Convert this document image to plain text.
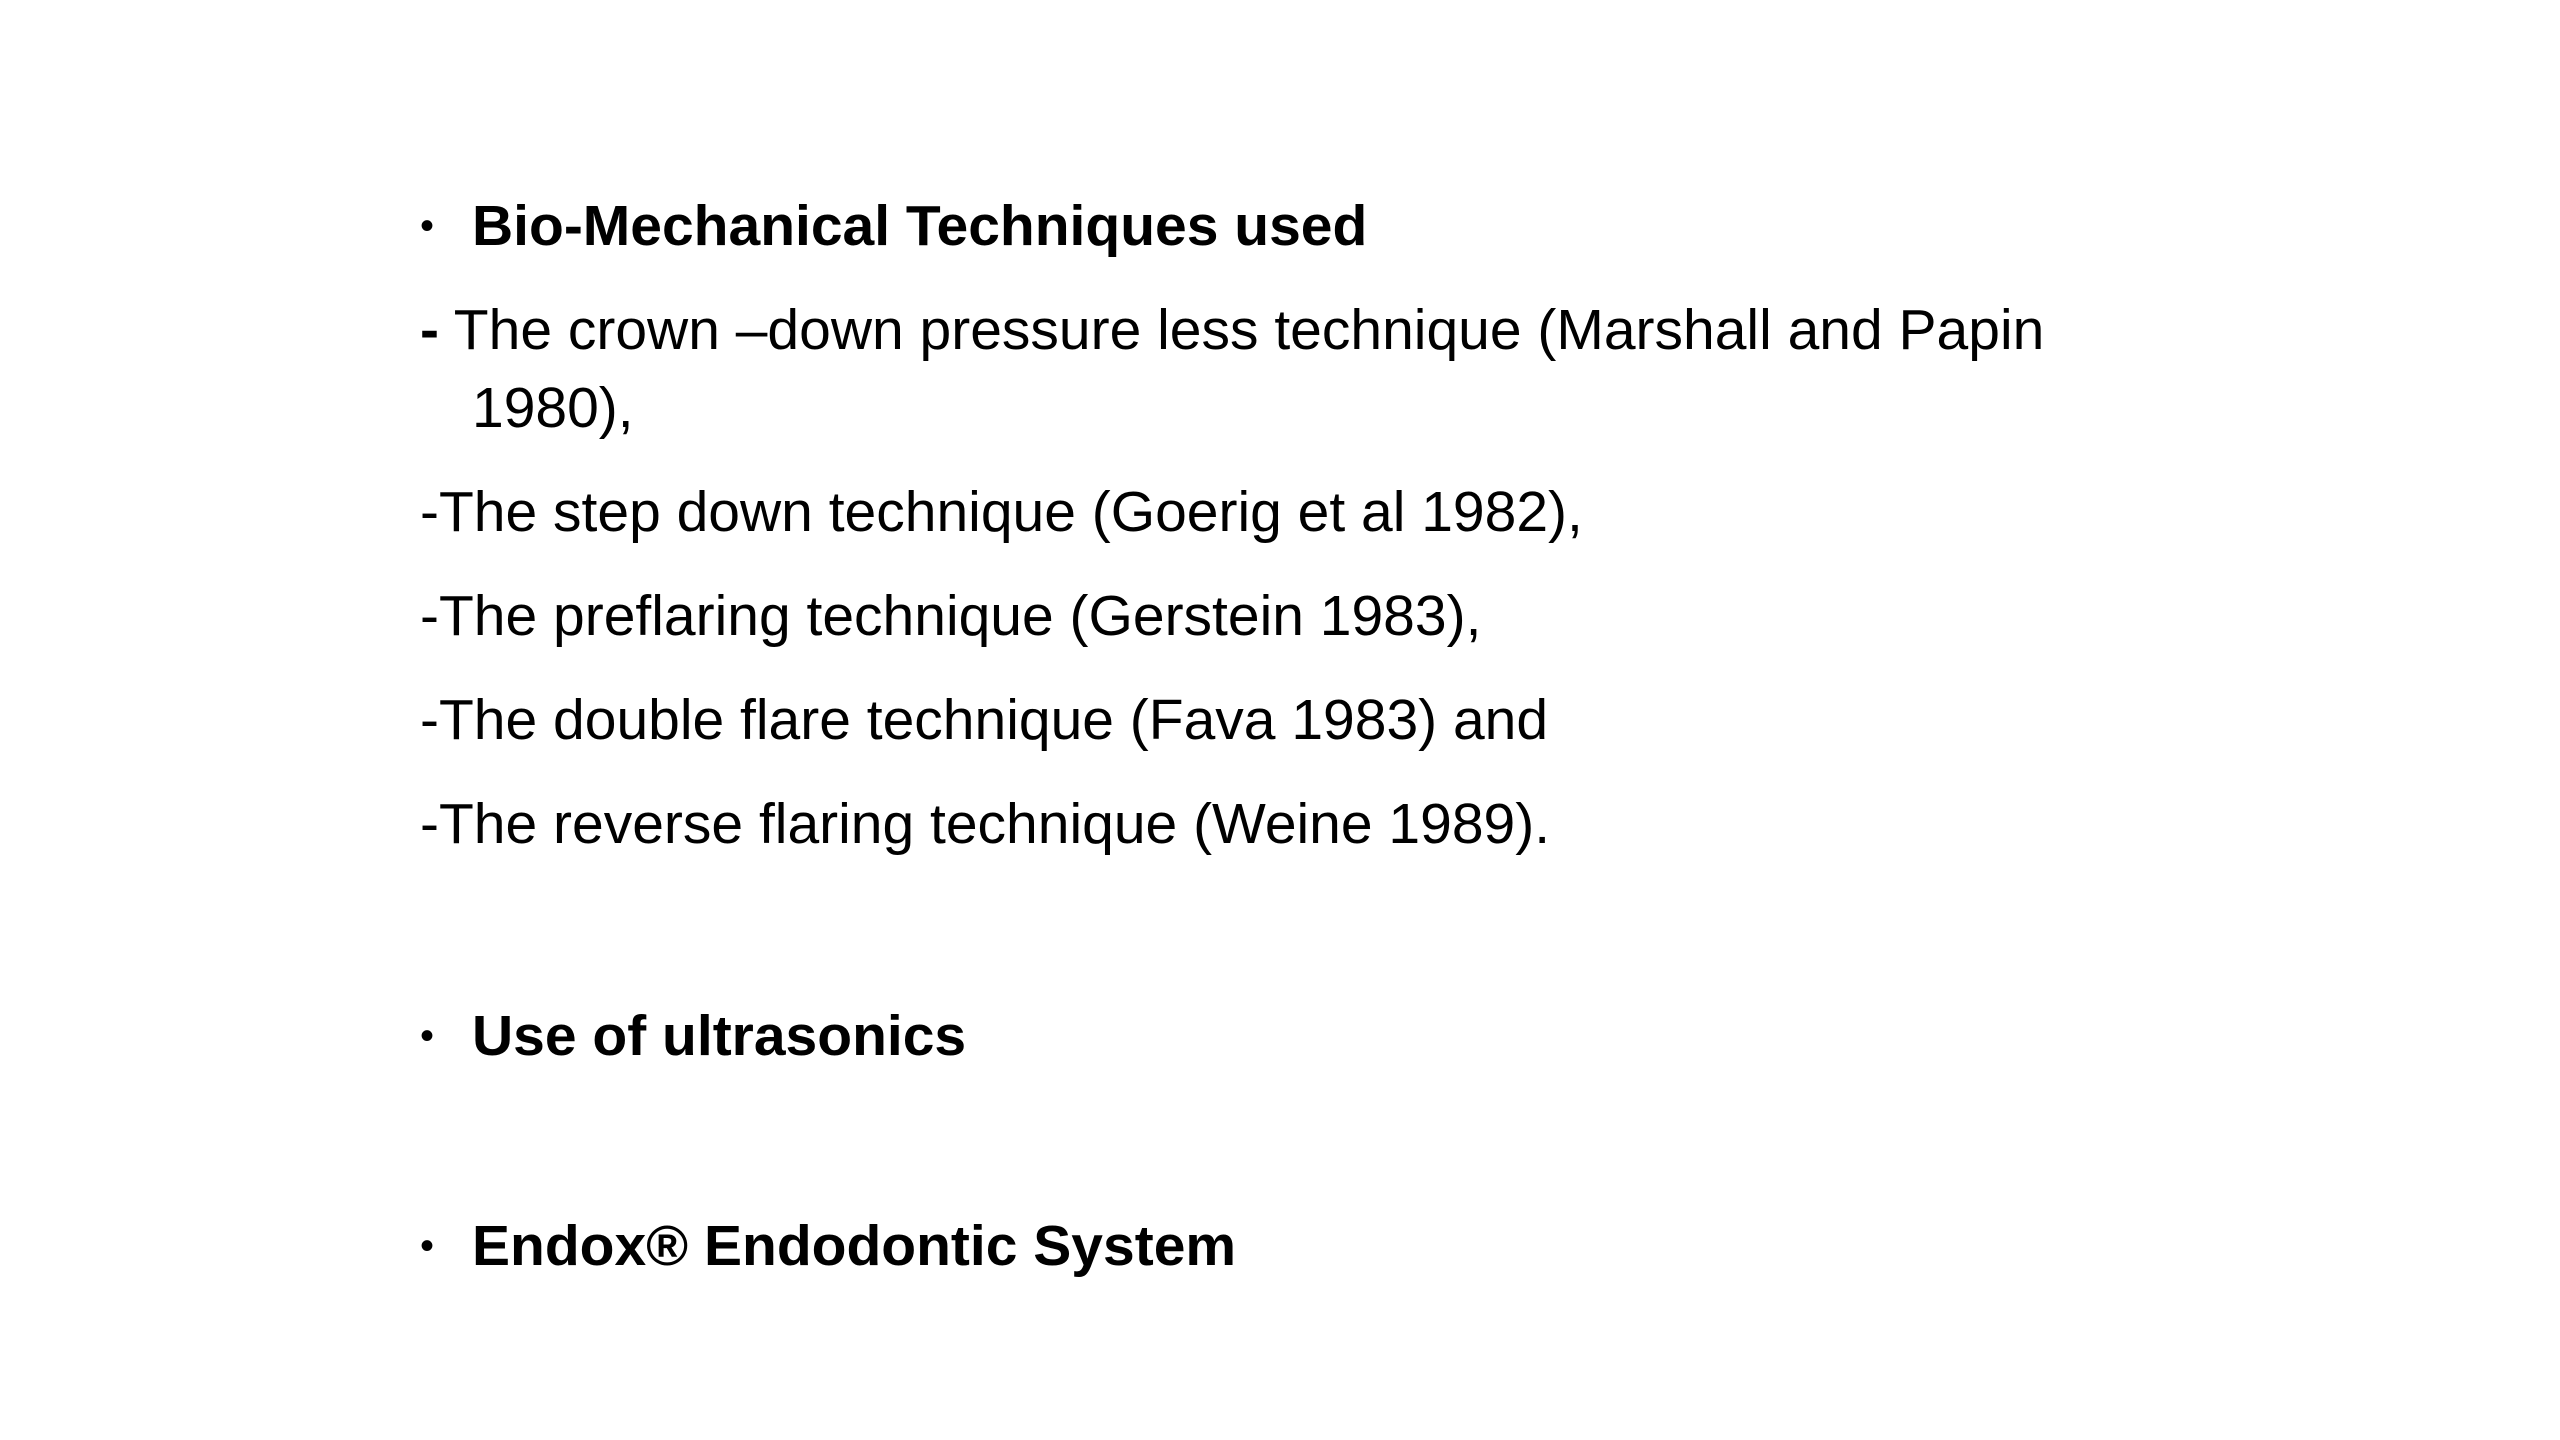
• Bio-Mechanical Techniques used
- The crown –down pressure less technique (Marshall and Papin
1980),
-The step down technique (Goerig et al 1982),
-The preflaring technique (Gerstein 1983),
-The double flare technique (Fava 1983) and
-The reverse flaring technique (Weine 1989).
• Use of ultrasonics
• Endox® Endodontic System
